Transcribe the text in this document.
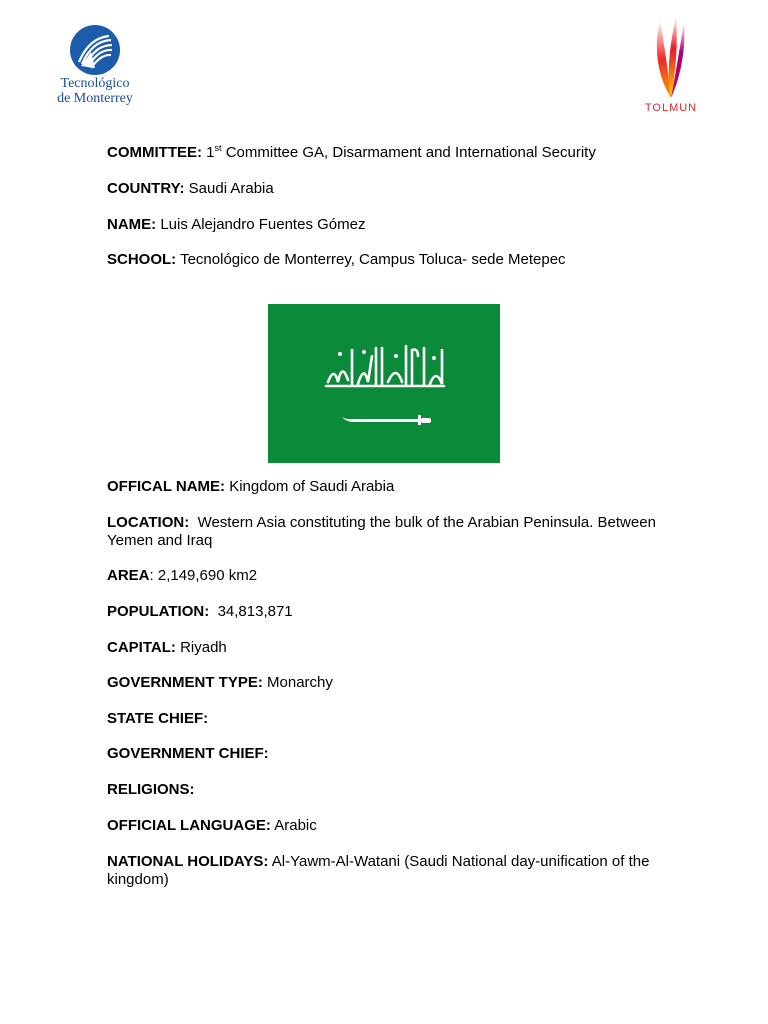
Tecnológico
de Monterrey
TOLMUN

COMMITTEE: 1st Committee GA, Disarmament and International Security

COUNTRY: Saudi Arabia

NAME: Luis Alejandro Fuentes Gómez

SCHOOL: Tecnológico de Monterrey, Campus Toluca- sede Metepec

OFFICAL NAME: Kingdom of Saudi Arabia

LOCATION: Western Asia constituting the bulk of the Arabian Peninsula. Between Yemen and Iraq

AREA: 2,149,690 km2

POPULATION: 34,813,871

CAPITAL: Riyadh

GOVERNMENT TYPE: Monarchy

STATE CHIEF:

GOVERNMENT CHIEF:

RELIGIONS:

OFFICIAL LANGUAGE: Arabic

NATIONAL HOLIDAYS: Al-Yawm-Al-Watani (Saudi National day-unification of the kingdom)
